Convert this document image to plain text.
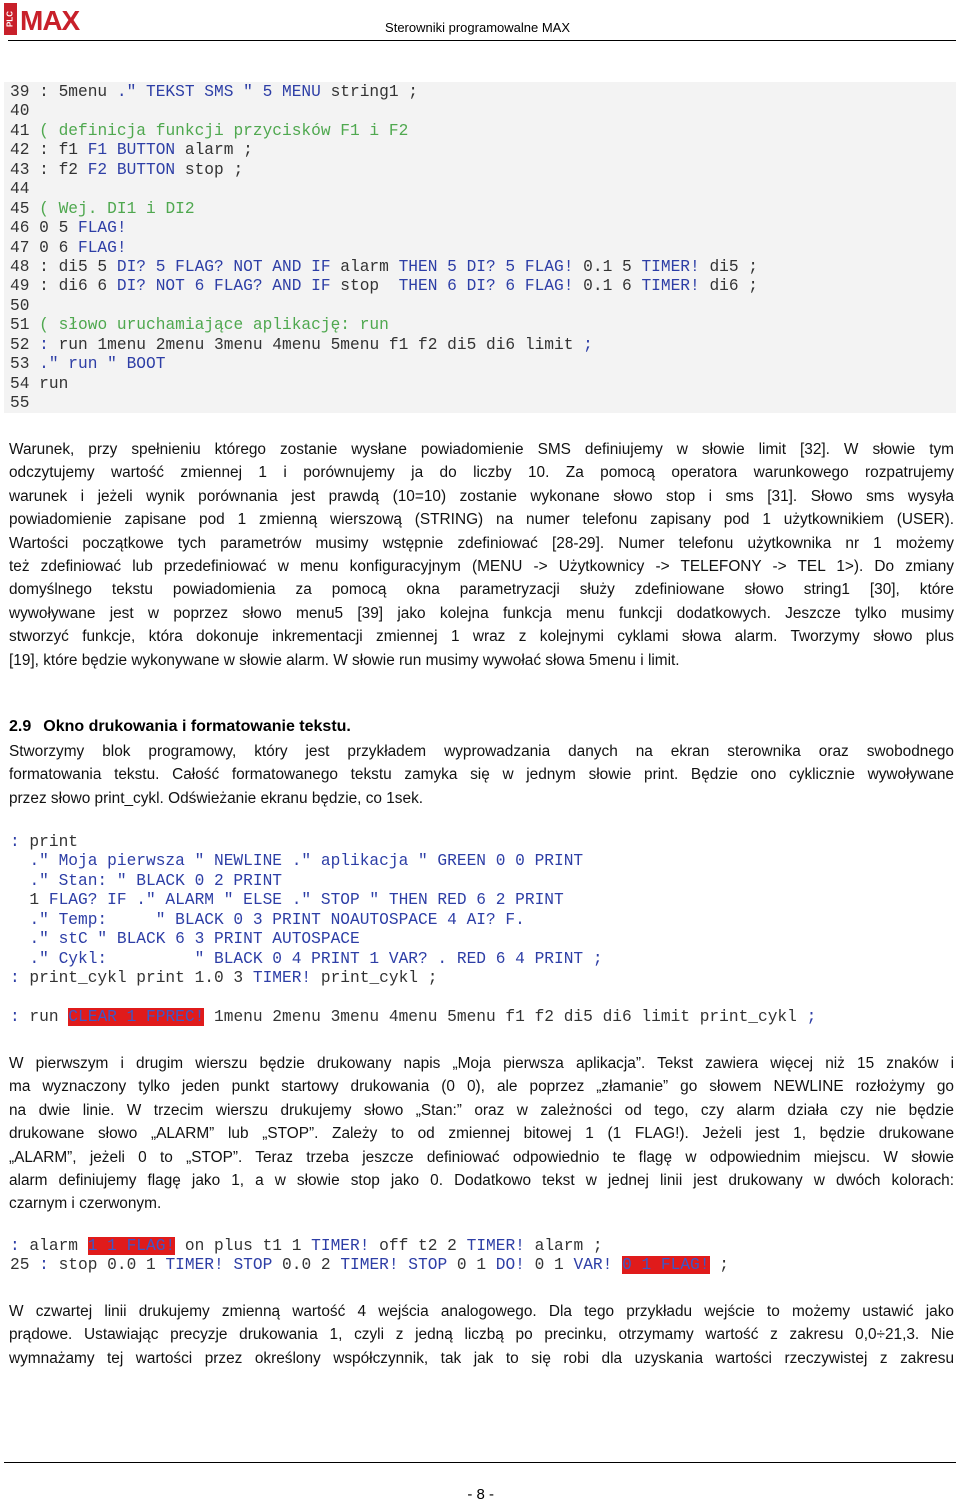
PLC MAX	Sterowniki programowalne MAX
39 : 5menu ." TEKST SMS " 5 MENU string1 ;
40
41 ( definicja funkcji przycisków F1 i F2
42 : f1 F1 BUTTON alarm ;
43 : f2 F2 BUTTON stop ;
44
45 ( Wej. DI1 i DI2
46 0 5 FLAG!
47 0 6 FLAG!
48 : di5 5 DI? 5 FLAG? NOT AND IF alarm THEN 5 DI? 5 FLAG! 0.1 5 TIMER! di5 ;
49 : di6 6 DI? NOT 6 FLAG? AND IF stop  THEN 6 DI? 6 FLAG! 0.1 6 TIMER! di6 ;
50
51 ( słowo uruchamiające aplikację: run
52 : run 1menu 2menu 3menu 4menu 5menu f1 f2 di5 di6 limit ;
53 ." run " BOOT
54 run
55
Warunek, przy spełnieniu którego zostanie wysłane powiadomienie SMS definiujemy w słowie limit [32]. W słowie tym
odczytujemy wartość zmiennej 1 i porównujemy ja do liczby 10. Za pomocą operatora warunkowego rozpatrujemy
warunek i jeżeli wynik porównania jest prawdą (10=10) zostanie wykonane słowo stop i sms [31]. Słowo sms wysyła
powiadomienie zapisane pod 1 zmienną wierszową (STRING) na numer telefonu zapisany pod 1 użytkownikiem (USER).
Wartości początkowe tych parametrów musimy wstępnie zdefiniować [28-29]. Numer telefonu użytkownika nr 1 możemy
też zdefiniować lub przedefiniować w menu konfiguracyjnym (MENU -> Użytkownicy -> TELEFONY -> TEL 1>). Do zmiany
domyślnego tekstu powiadomienia za pomocą okna parametryzacji służy zdefiniowane słowo string1 [30], które
wywoływane jest w poprzez słowo menu5 [39] jako kolejna funkcja menu funkcji dodatkowych. Jeszcze tylko musimy
stworzyć funkcje, która dokonuje inkrementacji zmiennej 1 wraz z kolejnymi cyklami słowa alarm. Tworzymy słowo plus
[19], które będzie wykonywane w słowie alarm. W słowie run musimy wywołać słowa 5menu i limit.
2.9 Okno drukowania i formatowanie tekstu.
Stworzymy blok programowy, który jest przykładem wyprowadzania danych na ekran sterownika oraz swobodnego
formatowania tekstu. Całość formatowanego tekstu zamyka się w jednym słowie print. Będzie ono cyklicznie wywoływane
przez słowo print_cykl. Odświeżanie ekranu będzie, co 1sek.
: print
." Moja pierwsza " NEWLINE ." aplikacja " GREEN 0 0 PRINT
." Stan: " BLACK 0 2 PRINT
1 FLAG? IF ." ALARM " ELSE ." STOP " THEN RED 6 2 PRINT
." Temp:     " BLACK 0 3 PRINT NOAUTOSPACE 4 AI? F.
." stC " BLACK 6 3 PRINT AUTOSPACE
." Cykl:         " BLACK 0 4 PRINT 1 VAR? . RED 6 4 PRINT ;
: print_cykl print 1.0 3 TIMER! print_cykl ;
: run CLEAR 1 FPREC! 1menu 2menu 3menu 4menu 5menu f1 f2 di5 di6 limit print_cykl ;
W pierwszym i drugim wierszu będzie drukowany napis „Moja pierwsza aplikacja”. Tekst zawiera więcej niż 15 znaków i
ma wyznaczony tylko jeden punkt startowy drukowania (0 0), ale poprzez „złamanie” go słowem NEWLINE rozłożymy go
na dwie linie. W trzecim wierszu drukujemy słowo „Stan:” oraz w zależności od tego, czy alarm działa czy nie będzie
drukowane słowo „ALARM” lub „STOP”. Zależy to od zmiennej bitowej 1 (1 FLAG!). Jeżeli jest 1, będzie drukowane
„ALARM”, jeżeli 0 to „STOP”. Teraz trzeba jeszcze definiować odpowiednio te flagę w odpowiednim miejscu. W słowie
alarm definiujemy flagę jako 1, a w słowie stop jako 0. Dodatkowo tekst w jednej linii jest drukowany w dwóch kolorach:
czarnym i czerwonym.
: alarm 1 1 FLAG! on plus t1 1 TIMER! off t2 2 TIMER! alarm ;
25 : stop 0.0 1 TIMER! STOP 0.0 2 TIMER! STOP 0 1 DO! 0 1 VAR! 0 1 FLAG! ;
W czwartej linii drukujemy zmienną wartość 4 wejścia analogowego. Dla tego przykładu wejście to możemy ustawić jako
prądowe. Ustawiając precyzje drukowania 1, czyli z jedną liczbą po precinku, otrzymamy wartość z zakresu 0,0÷21,3. Nie
wymnażamy tej wartości przez określony współczynnik, tak jak to się robi dla uzyskania wartości rzeczywistej z zakresu
- 8 -
